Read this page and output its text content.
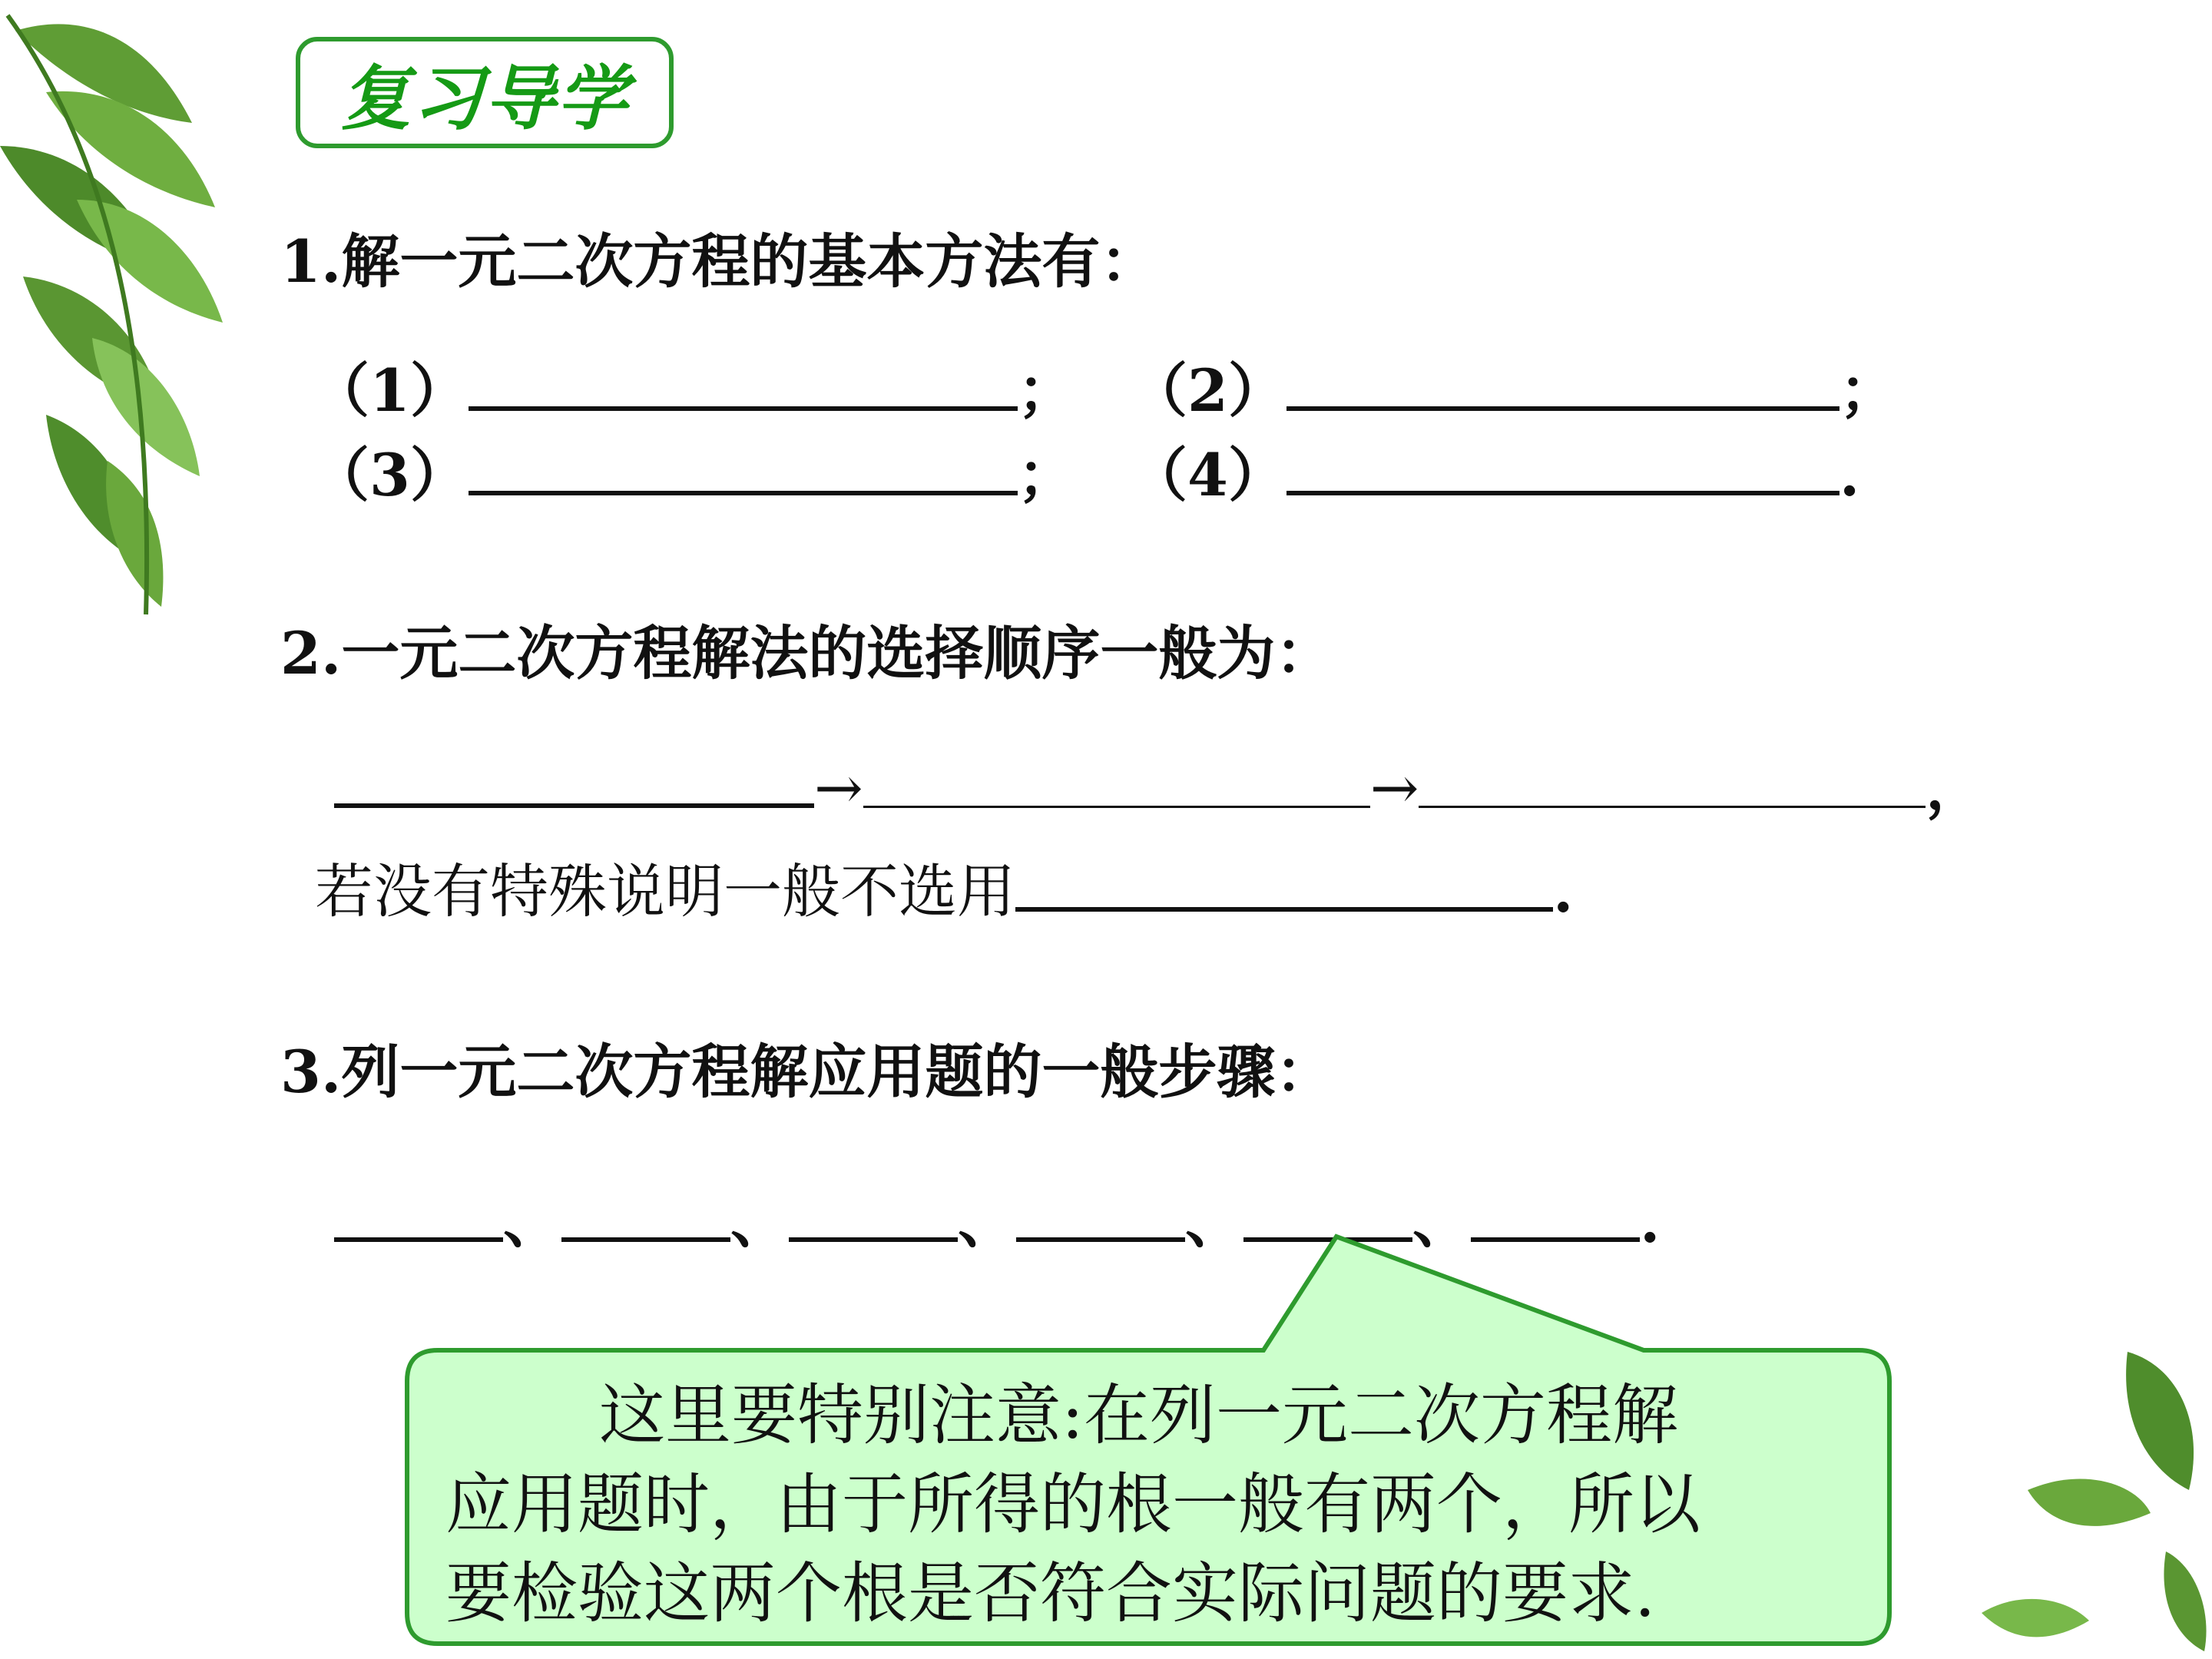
复习导学
1.解一元二次方程的基本方法有：
（1）	； （2）	；
（3）	； （4）	.
2.一元二次方程解法的选择顺序一般为：
→	→	，
若没有特殊说明一般不选用	.
3.列一元二次方程解应用题的一般步骤：
、	、	、	、	、	.
这里要特别注意:在列一元二次方程解
应用题时，由于所得的根一般有两个，所以
要检验这两个根是否符合实际问题的要求.
